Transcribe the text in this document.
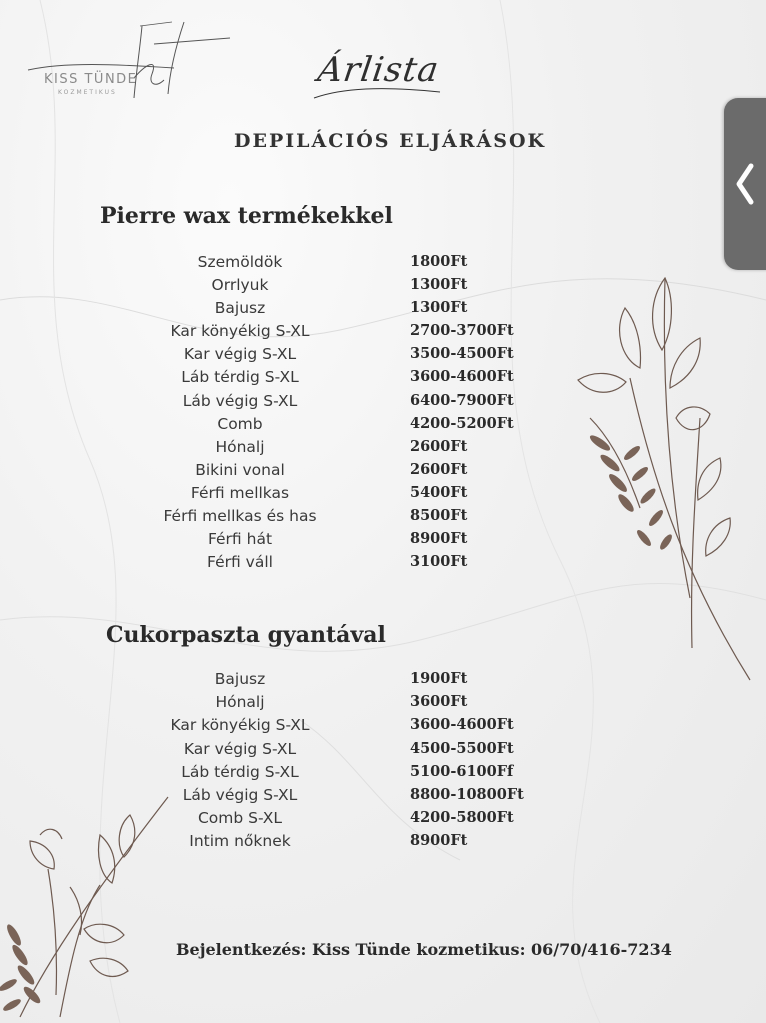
KISS TÜNDE
KOZMETIKUS
Árlista
DEPILÁCIÓS ELJÁRÁSOK
Pierre wax termékekkel
Szemöldök	1800Ft
Orrlyuk	1300Ft
Bajusz	1300Ft
Kar könyékig S-XL	2700-3700Ft
Kar végig S-XL	3500-4500Ft
Láb térdig S-XL	3600-4600Ft
Láb végig S-XL	6400-7900Ft
Comb	4200-5200Ft
Hónalj	2600Ft
Bikini vonal	2600Ft
Férfi mellkas	5400Ft
Férfi mellkas és has	8500Ft
Férfi hát	8900Ft
Férfi váll	3100Ft
Cukorpaszta gyantával
Bajusz	1900Ft
Hónalj	3600Ft
Kar könyékig S-XL	3600-4600Ft
Kar végig S-XL	4500-5500Ft
Láb térdig S-XL	5100-6100Ff
Láb végig S-XL	8800-10800Ft
Comb S-XL	4200-5800Ft
Intim nőknek	8900Ft
Bejelentkezés: Kiss Tünde kozmetikus: 06/70/416-7234
